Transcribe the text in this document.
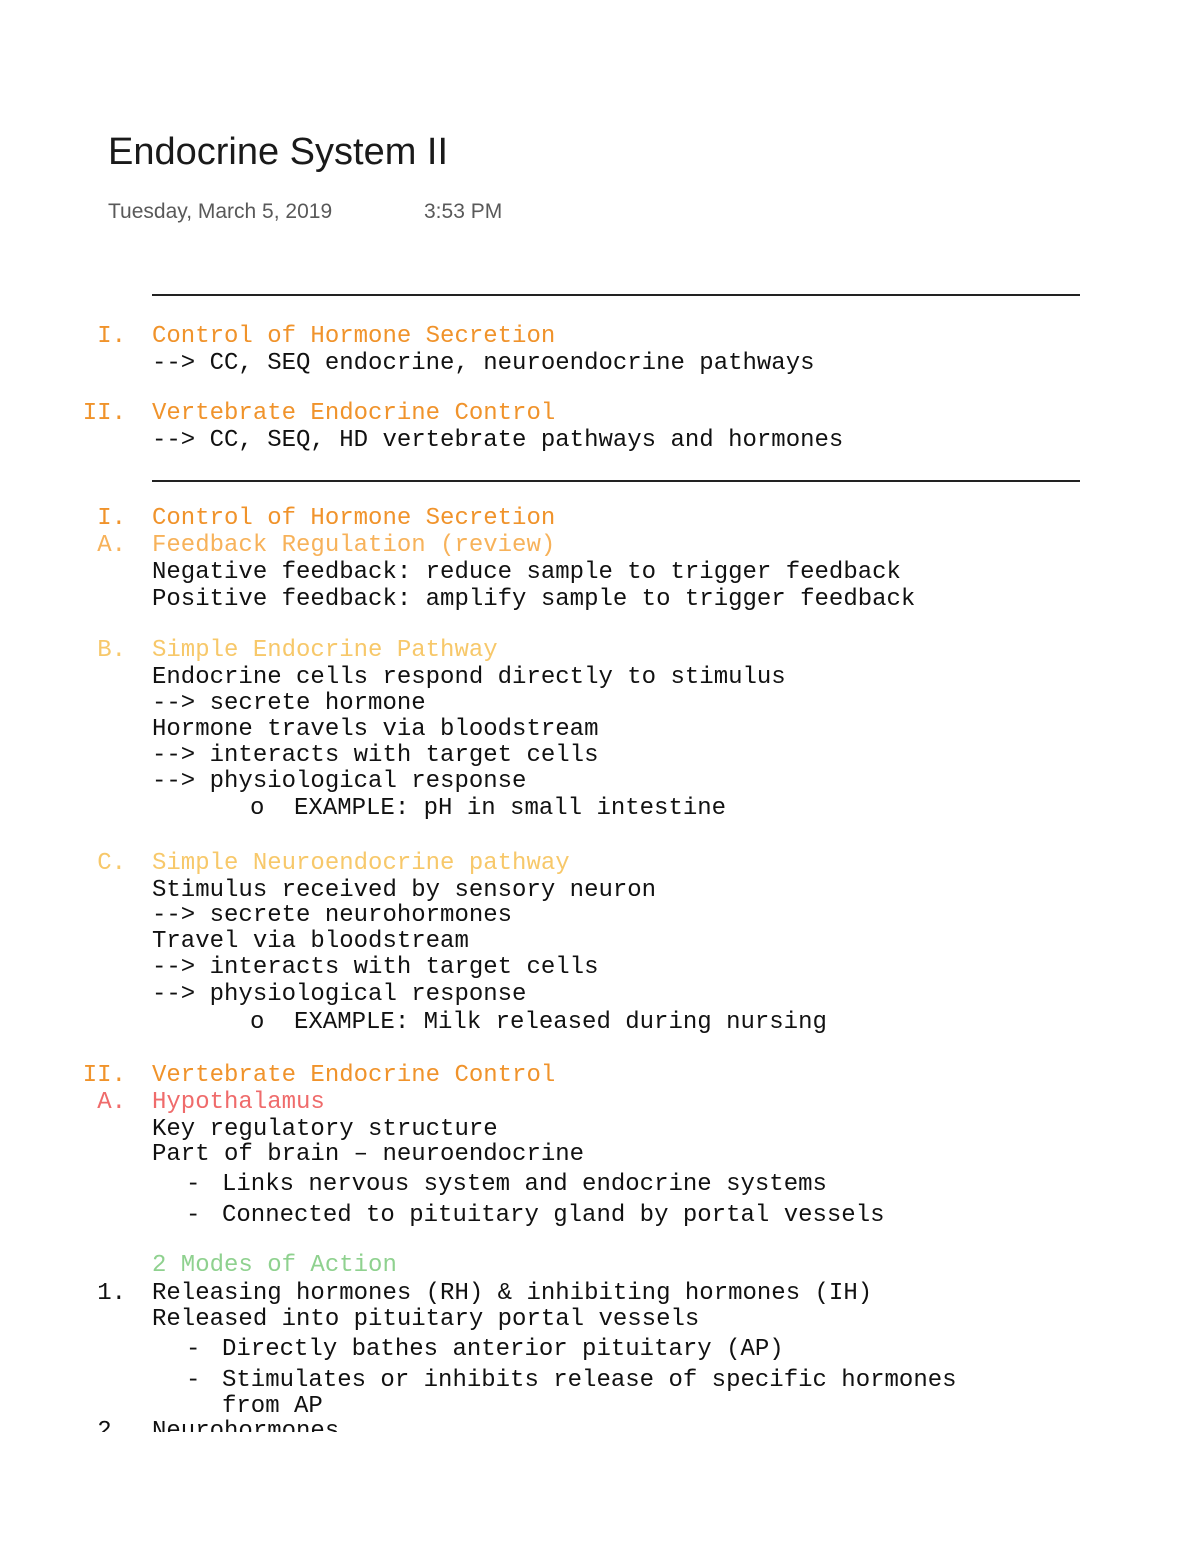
Endocrine System II
Tuesday, March 5, 2019	3:53 PM
I. Control of Hormone Secretion
--> CC, SEQ endocrine, neuroendocrine pathways
II. Vertebrate Endocrine Control
--> CC, SEQ, HD vertebrate pathways and hormones
I. Control of Hormone Secretion
A. Feedback Regulation (review)
Negative feedback: reduce sample to trigger feedback
Positive feedback: amplify sample to trigger feedback
B. Simple Endocrine Pathway
Endocrine cells respond directly to stimulus
--> secrete hormone
Hormone travels via bloodstream
--> interacts with target cells
--> physiological response
o EXAMPLE: pH in small intestine
C. Simple Neuroendocrine pathway
Stimulus received by sensory neuron
--> secrete neurohormones
Travel via bloodstream
--> interacts with target cells
--> physiological response
o EXAMPLE: Milk released during nursing
II. Vertebrate Endocrine Control
A. Hypothalamus
Key regulatory structure
Part of brain – neuroendocrine
- Links nervous system and endocrine systems
- Connected to pituitary gland by portal vessels
2 Modes of Action
1. Releasing hormones (RH) & inhibiting hormones (IH)
Released into pituitary portal vessels
- Directly bathes anterior pituitary (AP)
- Stimulates or inhibits release of specific hormones
from AP
